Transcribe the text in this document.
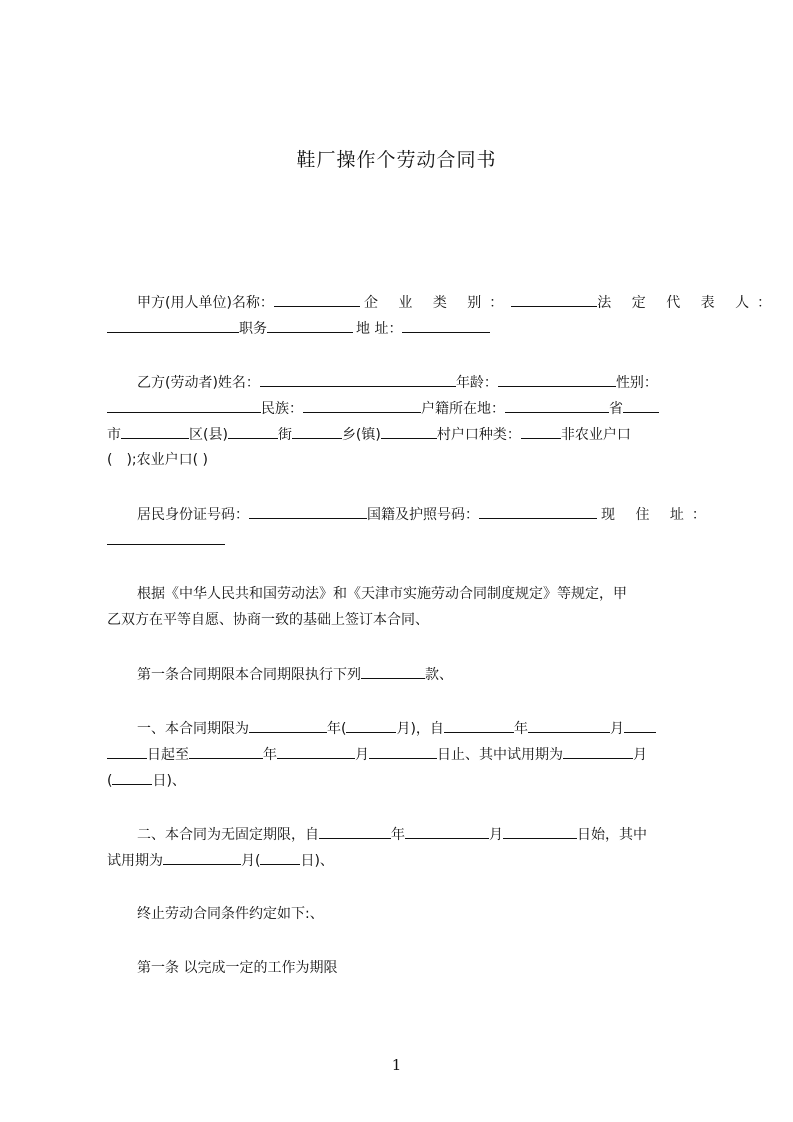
鞋厂操作个劳动合同书
甲方(用人单位)名称：	企 业 类 别：	法 定 代 表 人：
职务	地 址：
乙方(劳动者)姓名：	年龄：	性别：
民族：	户籍所在地：	省
市	区(县)	街	乡(镇)	村户口种类：	非农业户口
(　);农业户口( )
居民身份证号码：	国籍及护照号码：	现 住 址：
根据《中华人民共和国劳动法》和《天津市实施劳动合同制度规定》等规定，甲
乙双方在平等自愿、协商一致的基础上签订本合同、
第一条合同期限本合同期限执行下列	款、
一、本合同期限为	年(	月)，自	年	月
日起至	年	月	日止、其中试用期为	月
(	日)、
二、本合同为无固定期限，自	年	月	日始，其中
试用期为	月(	日)、
终止劳动合同条件约定如下:、
第一条 以完成一定的工作为期限
1
